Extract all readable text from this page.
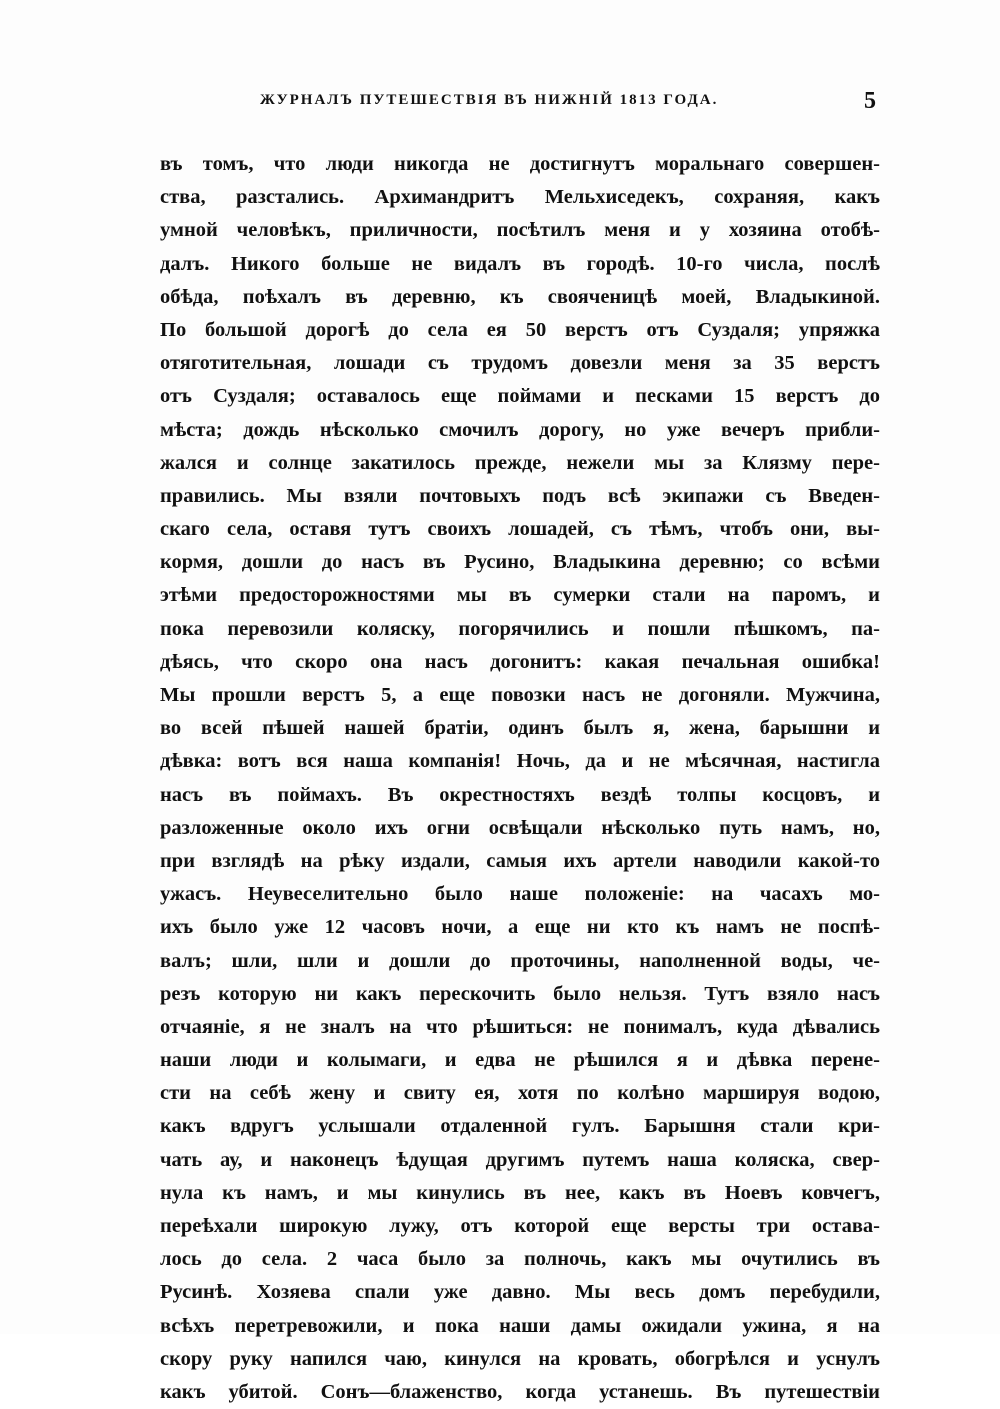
ЖУРНАЛЪ ПУТЕШЕСТВІЯ ВЪ НИЖНІЙ 1813 ГОДА.	5
въ томъ, что люди никогда не достигнутъ моральнаго совершен-
ства, разстались. Архимандритъ Мельхиседекъ, сохраняя, какъ
умной человѣкъ, приличности, посѣтилъ меня и у хозяина отобѣ-
далъ. Никого больше не видалъ въ городѣ. 10-го числа, послѣ
обѣда, поѣхалъ въ деревню, къ свояченицѣ моей, Владыкиной.
По большой дорогѣ до села ея 50 верстъ отъ Суздаля; упряжка
отяготительная, лошади съ трудомъ довезли меня за 35 верстъ
отъ Суздаля; оставалось еще поймами и песками 15 верстъ до
мѣста; дождь нѣсколько смочилъ дорогу, но уже вечеръ прибли-
жался и солнце закатилось прежде, нежели мы за Клязму пере-
правились. Мы взяли почтовыхъ подъ всѣ экипажи съ Введен-
скаго села, оставя тутъ своихъ лошадей, съ тѣмъ, чтобъ они, вы-
кормя, дошли до насъ въ Русино, Владыкина деревню; со всѣми
этѣми предосторожностями мы въ сумерки стали на паромъ, и
пока перевозили коляску, погорячились и пошли пѣшкомъ, па-
дѣясь, что скоро она насъ догонитъ: какая печальная ошибка!
Мы прошли верстъ 5, а еще повозки насъ не догоняли. Мужчина,
во всей пѣшей нашей братіи, одинъ былъ я, жена, барышни и
дѣвка: вотъ вся наша компанія! Ночь, да и не мѣсячная, настигла
насъ въ поймахъ. Въ окрестностяхъ вездѣ толпы косцовъ, и
разложенные около ихъ огни освѣщали нѣсколько путь намъ, но,
при взглядѣ на рѣку издали, самыя ихъ артели наводили какой-то
ужасъ. Неувеселительно было наше положеніе: на часахъ мо-
ихъ было уже 12 часовъ ночи, а еще ни кто къ намъ не поспѣ-
валъ; шли, шли и дошли до проточины, наполненной воды, че-
резъ которую ни какъ перескочить было нельзя. Тутъ взяло насъ
отчаяніе, я не зналъ на что рѣшиться: не понималъ, куда дѣвались
наши люди и колымаги, и едва не рѣшился я и дѣвка перене-
сти на себѣ жену и свиту ея, хотя по колѣно маршируя водою,
какъ вдругъ услышали отдаленной гулъ. Барышня стали кри-
чать ау, и наконецъ ѣдущая другимъ путемъ наша коляска, свер-
нула къ намъ, и мы кинулись въ нее, какъ въ Ноевъ ковчегъ,
переѣхали широкую лужу, отъ которой еще версты три остава-
лось до села. 2 часа было за полночь, какъ мы очутились въ
Русинѣ. Хозяева спали уже давно. Мы весь домъ перебудили,
всѣхъ перетревожили, и пока наши дамы ожидали ужина, я на
скору руку напился чаю, кинулся на кровать, обогрѣлся и уснулъ
какъ убитой. Сонъ—блаженство, когда устанешь. Въ путешествіи
